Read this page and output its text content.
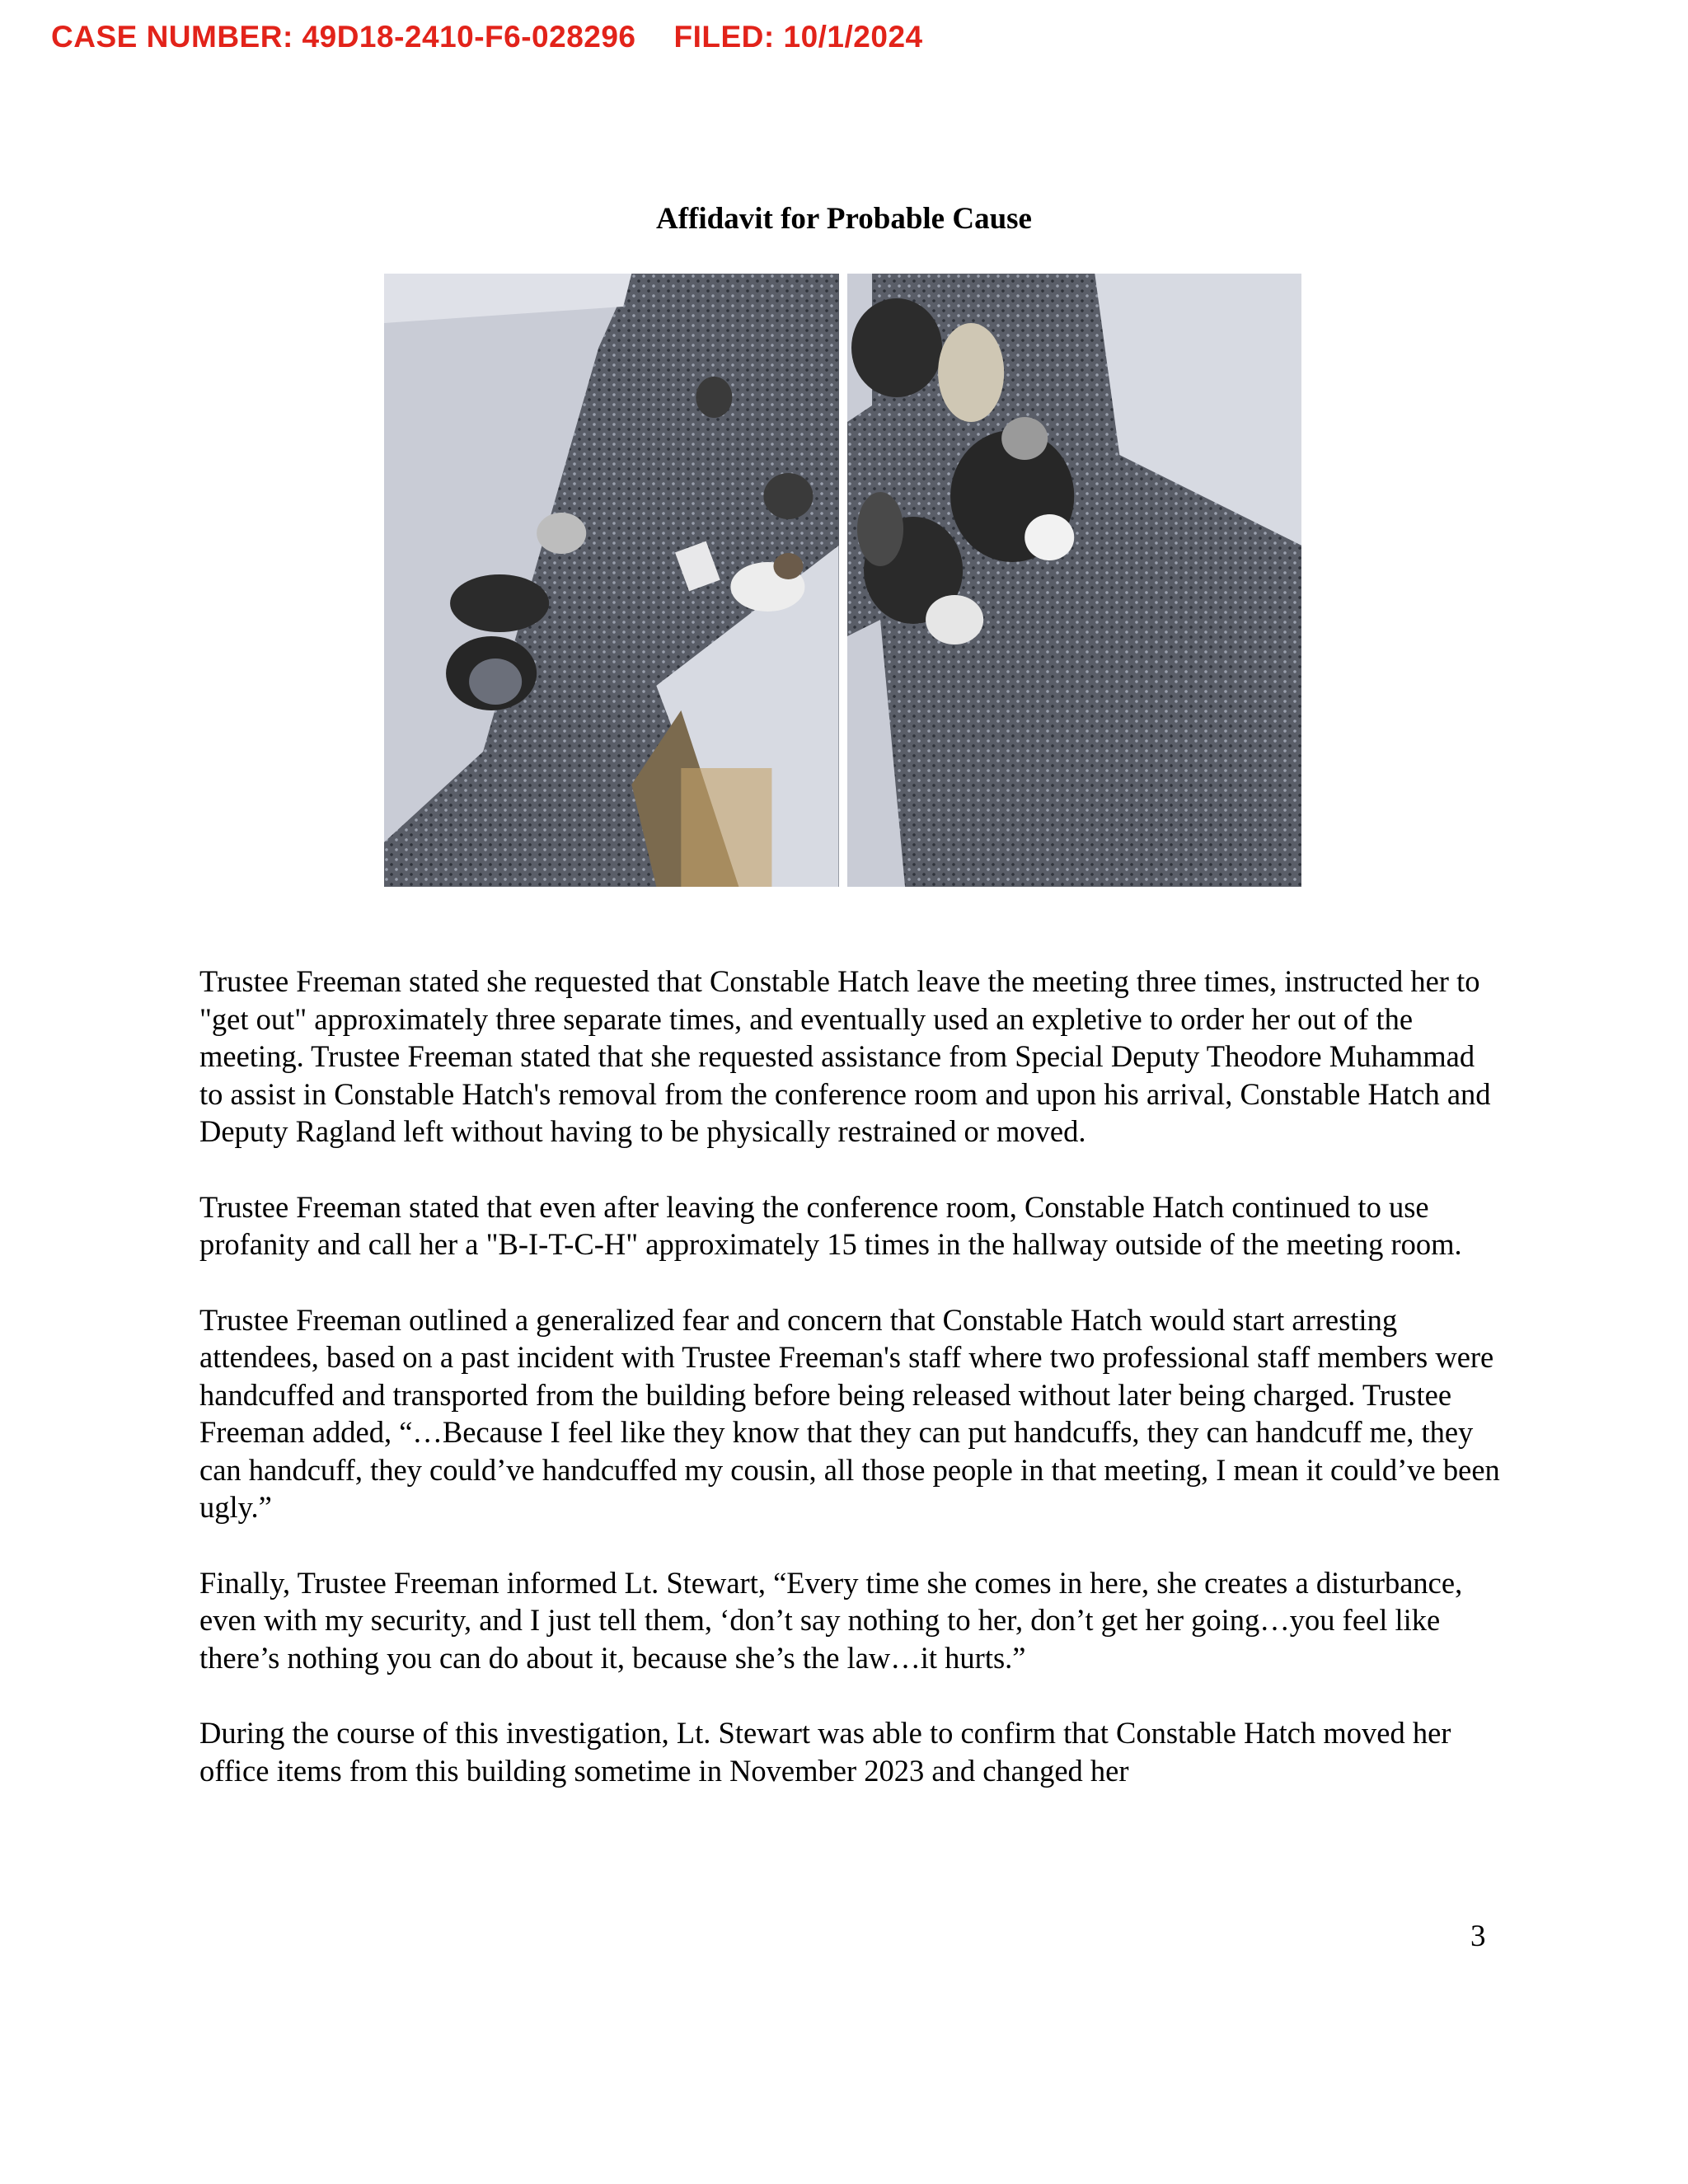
CASE NUMBER: 49D18-2410-F6-028296 FILED: 10/1/2024
Affidavit for Probable Cause

Trustee Freeman stated she requested that Constable Hatch leave the meeting three times, instructed her to "get out" approximately three separate times, and eventually used an expletive to order her out of the meeting. Trustee Freeman stated that she requested assistance from Special Deputy Theodore Muhammad to assist in Constable Hatch's removal from the conference room and upon his arrival, Constable Hatch and Deputy Ragland left without having to be physically restrained or moved.

Trustee Freeman stated that even after leaving the conference room, Constable Hatch continued to use profanity and call her a "B-I-T-C-H" approximately 15 times in the hallway outside of the meeting room.

Trustee Freeman outlined a generalized fear and concern that Constable Hatch would start arresting attendees, based on a past incident with Trustee Freeman's staff where two professional staff members were handcuffed and transported from the building before being released without later being charged. Trustee Freeman added, “…Because I feel like they know that they can put handcuffs, they can handcuff me, they can handcuff, they could’ve handcuffed my cousin, all those people in that meeting, I mean it could’ve been ugly.”

Finally, Trustee Freeman informed Lt. Stewart, “Every time she comes in here, she creates a disturbance, even with my security, and I just tell them, ‘don’t say nothing to her, don’t get her going…you feel like there’s nothing you can do about it, because she’s the law…it hurts.”

During the course of this investigation, Lt. Stewart was able to confirm that Constable Hatch moved her office items from this building sometime in November 2023 and changed her

3
